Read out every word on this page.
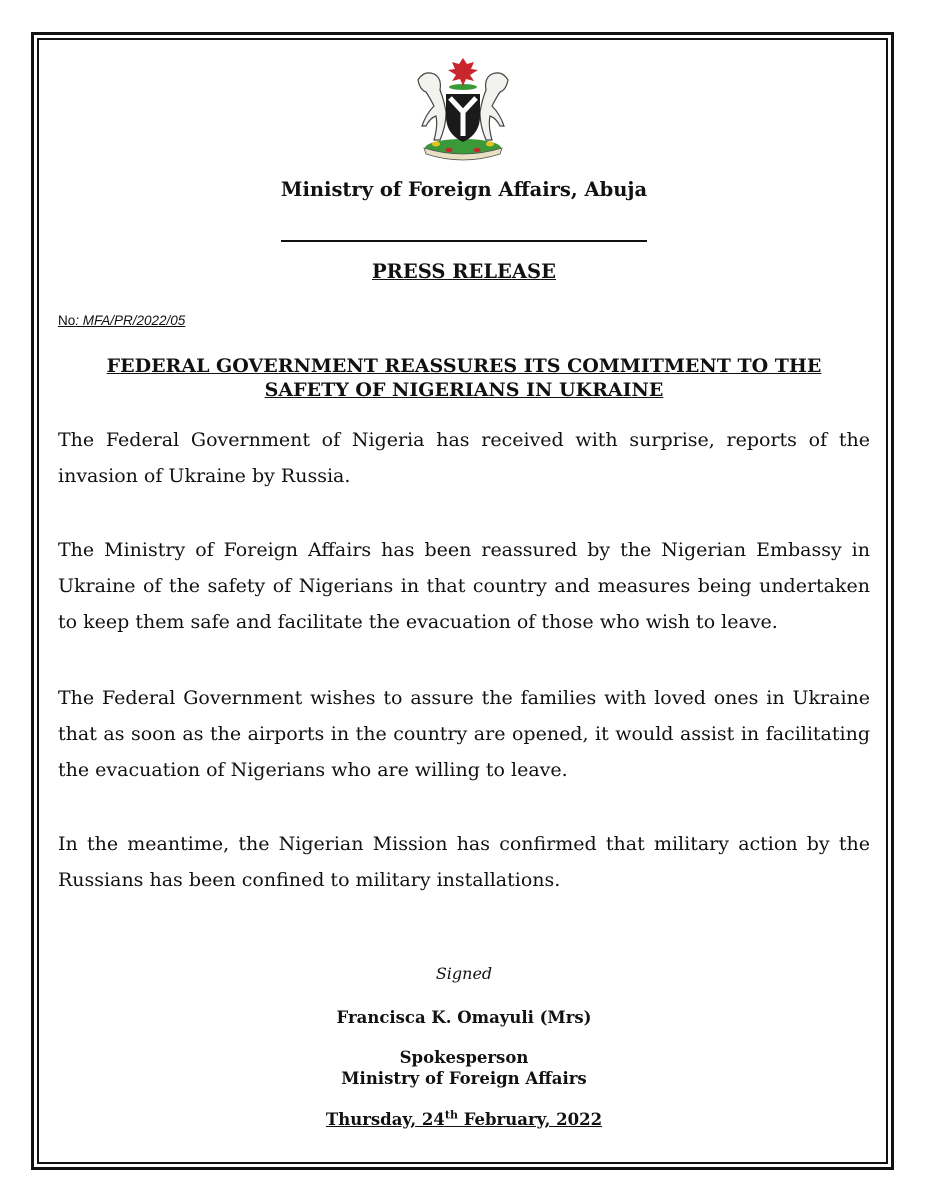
Ministry of Foreign Affairs, Abuja
PRESS RELEASE
No: MFA/PR/2022/05
FEDERAL GOVERNMENT REASSURES ITS COMMITMENT TO THE
SAFETY OF NIGERIANS IN UKRAINE

The Federal Government of Nigeria has received with surprise, reports of the invasion of Ukraine by Russia.

The Ministry of Foreign Affairs has been reassured by the Nigerian Embassy in Ukraine of the safety of Nigerians in that country and measures being undertaken to keep them safe and facilitate the evacuation of those who wish to leave.

The Federal Government wishes to assure the families with loved ones in Ukraine that as soon as the airports in the country are opened, it would assist in facilitating the evacuation of Nigerians who are willing to leave.

In the meantime, the Nigerian Mission has confirmed that military action by the Russians has been confined to military installations.

Signed
Francisca K. Omayuli (Mrs)
Spokesperson
Ministry of Foreign Affairs
Thursday, 24th February, 2022
